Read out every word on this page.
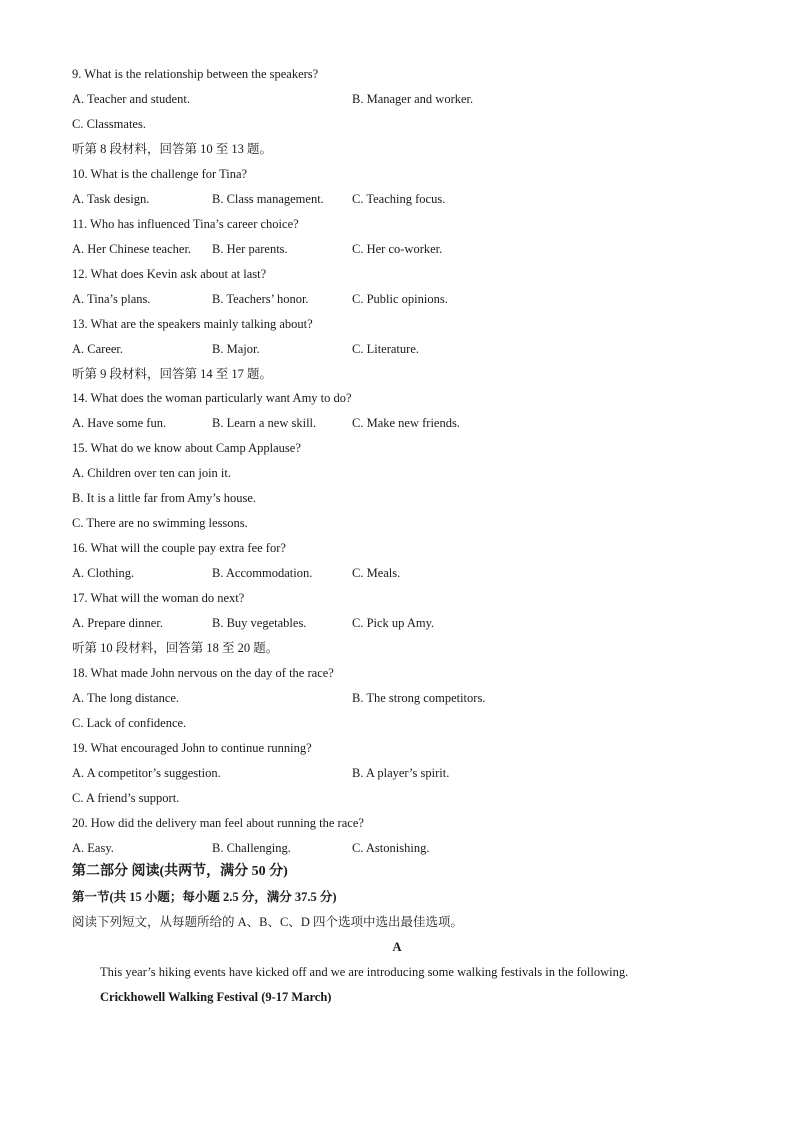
9. What is the relationship between the speakers?
A. Teacher and student.	B. Manager and worker.
C. Classmates.
听第 8 段材料，回答第 10 至 13 题。
10. What is the challenge for Tina?
A. Task design.	B. Class management. C. Teaching focus.
11. Who has influenced Tina’s career choice?
A. Her Chinese teacher. B. Her parents.	C. Her co-worker.
12. What does Kevin ask about at last?
A. Tina’s plans.	B. Teachers’ honor.	C. Public opinions.
13. What are the speakers mainly talking about?
A. Career.	B. Major.	C. Literature.
听第 9 段材料，回答第 14 至 17 题。
14. What does the woman particularly want Amy to do?
A. Have some fun.	B. Learn a new skill.	C. Make new friends.
15. What do we know about Camp Applause?
A. Children over ten can join it.
B. It is a little far from Amy’s house.
C. There are no swimming lessons.
16. What will the couple pay extra fee for?
A. Clothing.	B. Accommodation.	C. Meals.
17. What will the woman do next?
A. Prepare dinner.	B. Buy vegetables.	C. Pick up Amy.
听第 10 段材料，回答第 18 至 20 题。
18. What made John nervous on the day of the race?
A. The long distance.	B. The strong competitors.
C. Lack of confidence.
19. What encouraged John to continue running?
A. A competitor’s suggestion.	B. A player’s spirit.
C. A friend’s support.
20. How did the delivery man feel about running the race?
A. Easy.	B. Challenging.	C. Astonishing.
第二部分 阅读(共两节，满分 50 分)
第一节(共 15 小题；每小题 2.5 分，满分 37.5 分)
阅读下列短文，从每题所给的 A、B、C、D 四个选项中选出最佳选项。
A
This year’s hiking events have kicked off and we are introducing some walking festivals in the following.
Crickhowell Walking Festival (9-17 March)
